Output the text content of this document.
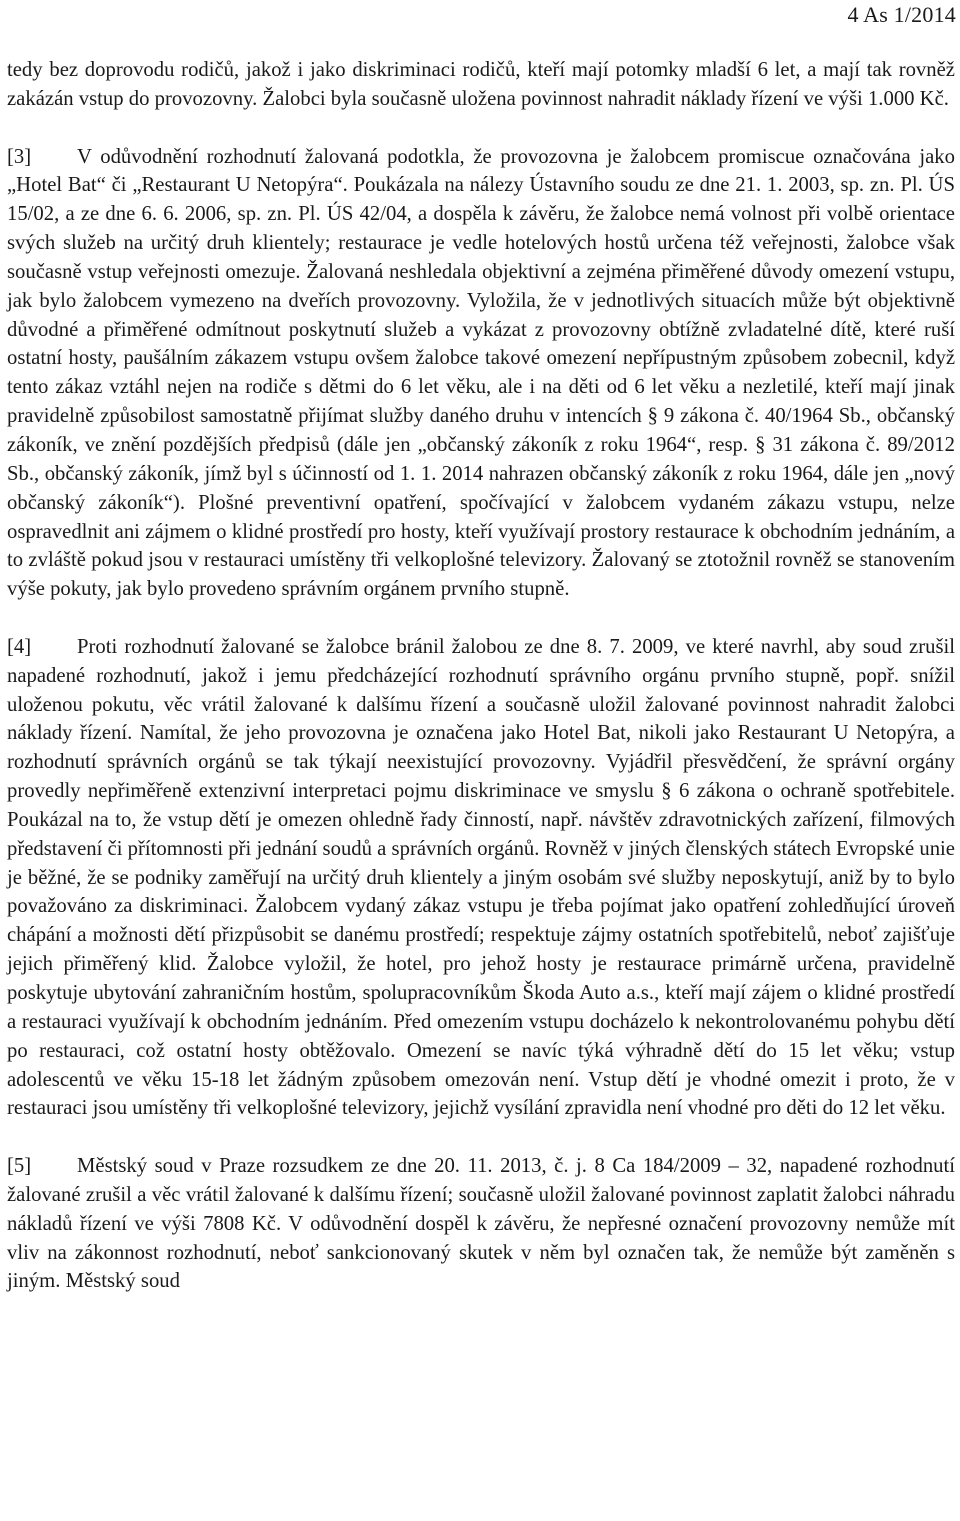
4 As 1/2014

tedy bez doprovodu rodičů, jakož i jako diskriminaci rodičů, kteří mají potomky mladší 6 let, a mají tak rovněž zakázán vstup do provozovny. Žalobci byla současně uložena povinnost nahradit náklady řízení ve výši 1.000 Kč.

[3] V odůvodnění rozhodnutí žalovaná podotkla, že provozovna je žalobcem promiscue označována jako „Hotel Bat“ či „Restaurant U Netopýra“. Poukázala na nálezy Ústavního soudu ze dne 21. 1. 2003, sp. zn. Pl. ÚS 15/02, a ze dne 6. 6. 2006, sp. zn. Pl. ÚS 42/04, a dospěla k závěru, že žalobce nemá volnost při volbě orientace svých služeb na určitý druh klientely; restaurace je vedle hotelových hostů určena též veřejnosti, žalobce však současně vstup veřejnosti omezuje. Žalovaná neshledala objektivní a zejména přiměřené důvody omezení vstupu, jak bylo žalobcem vymezeno na dveřích provozovny. Vyložila, že v jednotlivých situacích může být objektivně důvodné a přiměřené odmítnout poskytnutí služeb a vykázat z provozovny obtížně zvladatelné dítě, které ruší ostatní hosty, paušálním zákazem vstupu ovšem žalobce takové omezení nepřípustným způsobem zobecnil, když tento zákaz vztáhl nejen na rodiče s dětmi do 6 let věku, ale i na děti od 6 let věku a nezletilé, kteří mají jinak pravidelně způsobilost samostatně přijímat služby daného druhu v intencích § 9 zákona č. 40/1964 Sb., občanský zákoník, ve znění pozdějších předpisů (dále jen „občanský zákoník z roku 1964“, resp. § 31 zákona č. 89/2012 Sb., občanský zákoník, jímž byl s účinností od 1. 1. 2014 nahrazen občanský zákoník z roku 1964, dále jen „nový občanský zákoník“). Plošné preventivní opatření, spočívající v žalobcem vydaném zákazu vstupu, nelze ospravedlnit ani zájmem o klidné prostředí pro hosty, kteří využívají prostory restaurace k obchodním jednáním, a to zvláště pokud jsou v restauraci umístěny tři velkoplošné televizory. Žalovaný se ztotožnil rovněž se stanovením výše pokuty, jak bylo provedeno správním orgánem prvního stupně.

[4] Proti rozhodnutí žalované se žalobce bránil žalobou ze dne 8. 7. 2009, ve které navrhl, aby soud zrušil napadené rozhodnutí, jakož i jemu předcházející rozhodnutí správního orgánu prvního stupně, popř. snížil uloženou pokutu, věc vrátil žalované k dalšímu řízení a současně uložil žalované povinnost nahradit žalobci náklady řízení. Namítal, že jeho provozovna je označena jako Hotel Bat, nikoli jako Restaurant U Netopýra, a rozhodnutí správních orgánů se tak týkají neexistující provozovny. Vyjádřil přesvědčení, že správní orgány provedly nepřiměřeně extenzivní interpretaci pojmu diskriminace ve smyslu § 6 zákona o ochraně spotřebitele. Poukázal na to, že vstup dětí je omezen ohledně řady činností, např. návštěv zdravotnických zařízení, filmových představení či přítomnosti při jednání soudů a správních orgánů. Rovněž v jiných členských státech Evropské unie je běžné, že se podniky zaměřují na určitý druh klientely a jiným osobám své služby neposkytují, aniž by to bylo považováno za diskriminaci. Žalobcem vydaný zákaz vstupu je třeba pojímat jako opatření zohledňující úroveň chápání a možnosti dětí přizpůsobit se danému prostředí; respektuje zájmy ostatních spotřebitelů, neboť zajišťuje jejich přiměřený klid. Žalobce vyložil, že hotel, pro jehož hosty je restaurace primárně určena, pravidelně poskytuje ubytování zahraničním hostům, spolupracovníkům Škoda Auto a.s., kteří mají zájem o klidné prostředí a restauraci využívají k obchodním jednáním. Před omezením vstupu docházelo k nekontrolovanému pohybu dětí po restauraci, což ostatní hosty obtěžovalo. Omezení se navíc týká výhradně dětí do 15 let věku; vstup adolescentů ve věku 15-18 let žádným způsobem omezován není. Vstup dětí je vhodné omezit i proto, že v restauraci jsou umístěny tři velkoplošné televizory, jejichž vysílání zpravidla není vhodné pro děti do 12 let věku.

[5] Městský soud v Praze rozsudkem ze dne 20. 11. 2013, č. j. 8 Ca 184/2009 – 32, napadené rozhodnutí žalované zrušil a věc vrátil žalované k dalšímu řízení; současně uložil žalované povinnost zaplatit žalobci náhradu nákladů řízení ve výši 7808 Kč. V odůvodnění dospěl k závěru, že nepřesné označení provozovny nemůže mít vliv na zákonnost rozhodnutí, neboť sankcionovaný skutek v něm byl označen tak, že nemůže být zaměněn s jiným. Městský soud
